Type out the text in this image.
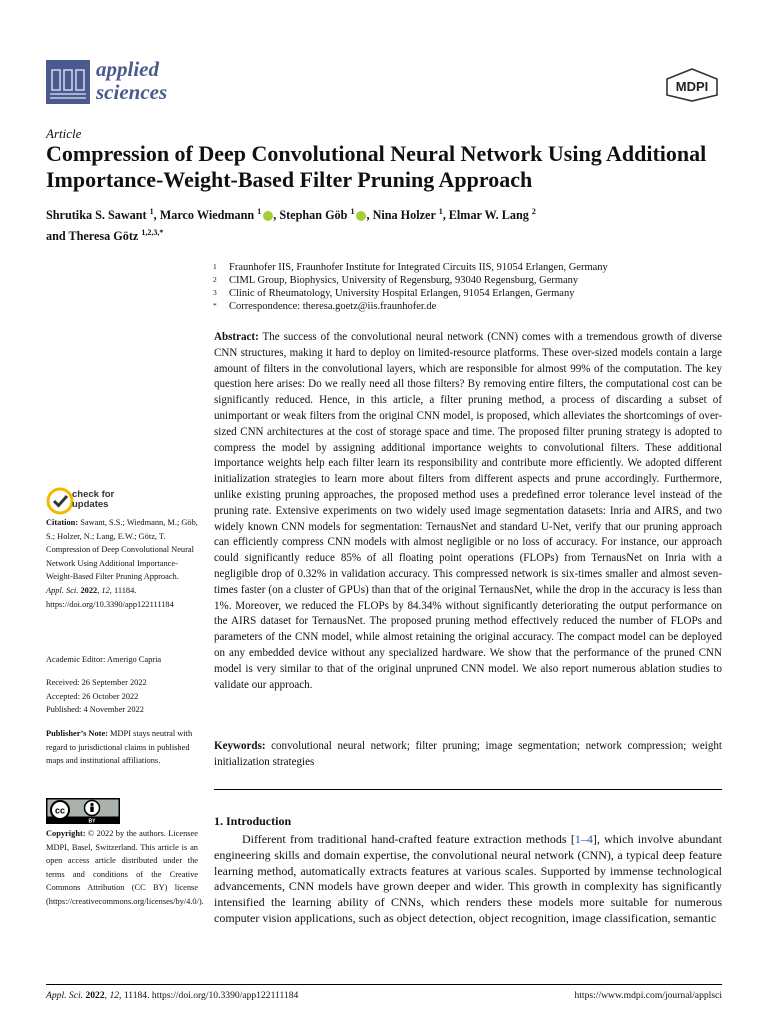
applied
sciences	MDPI
Article
Compression of Deep Convolutional Neural Network Using Additional Importance-Weight-Based Filter Pruning Approach
Shrutika S. Sawant $^1$, Marco Wiedmann $^1$ , Stephan Göb $^1$ , Nina Holzer $^1$, Elmar W. Lang $^2$
and Theresa Götz $^{1,2,3,*}$
1 Fraunhofer IIS, Fraunhofer Institute for Integrated Circuits IIS, 91054 Erlangen, Germany
2 CIML Group, Biophysics, University of Regensburg, 93040 Regensburg, Germany
3 Clinic of Rheumatology, University Hospital Erlangen, 91054 Erlangen, Germany
* Correspondence: theresa.goetz@iis.fraunhofer.de
Abstract: The success of the convolutional neural network (CNN) comes with a tremendous growth of diverse CNN structures, making it hard to deploy on limited-resource platforms. These over-sized models contain a large amount of filters in the convolutional layers, which are responsible for almost 99% of the computation. The key question here arises: Do we really need all those filters? By removing entire filters, the computational cost can be significantly reduced. Hence, in this article, a filter pruning method, a process of discarding a subset of unimportant or weak filters from the original CNN model, is proposed, which alleviates the shortcomings of over-sized CNN architectures at the cost of storage space and time. The proposed filter pruning strategy is adopted to compress the model by assigning additional importance weights to convolutional filters. These additional importance weights help each filter learn its responsibility and contribute more efficiently. We adopted different initialization strategies to learn more about filters from different aspects and prune accordingly. Furthermore, unlike existing pruning approaches, the proposed method uses a predefined error tolerance level instead of the pruning rate. Extensive experiments on two widely used image segmentation datasets: Inria and AIRS, and two widely known CNN models for segmentation: TernausNet and standard U-Net, verify that our pruning approach can efficiently compress CNN models with almost negligible or no loss of accuracy. For instance, our approach could significantly reduce 85% of all floating point operations (FLOPs) from TernausNet on Inria with a negligible drop of 0.32% in validation accuracy. This compressed network is six-times smaller and almost seven-times faster (on a cluster of GPUs) than that of the original TernausNet, while the drop in the accuracy is less than 1%. Moreover, we reduced the FLOPs by 84.34% without significantly deteriorating the output performance on the AIRS dataset for TernausNet. The proposed pruning method effectively reduced the number of FLOPs and parameters of the CNN model, while almost retaining the original accuracy. The compact model can be deployed on any embedded device without any specialized hardware. We show that the performance of the pruned CNN model is very similar to that of the original unpruned CNN model. We also report numerous ablation studies to validate our approach.
Keywords: convolutional neural network; filter pruning; image segmentation; network compression; weight initialization strategies
1. Introduction
Different from traditional hand-crafted feature extraction methods [1–4], which involve abundant engineering skills and domain expertise, the convolutional neural network (CNN), a typical deep feature learning method, automatically extracts features at various scales. Supported by immense technological advancements, CNN models have grown deeper and wider. This growth in complexity has significantly intensified the learning ability of CNNs, which renders these models more suitable for numerous computer vision applications, such as object detection, object recognition, image classification, semantic
check for
updates
Citation: Sawant, S.S.; Wiedmann, M.; Göb, S.; Holzer, N.; Lang, E.W.; Götz, T. Compression of Deep Convolutional Neural Network Using Additional Importance-Weight-Based Filter Pruning Approach. Appl. Sci. 2022, 12, 11184. https://doi.org/10.3390/app122111184
Academic Editor: Amerigo Capria
Received: 26 September 2022
Accepted: 26 October 2022
Published: 4 November 2022
Publisher’s Note: MDPI stays neutral with regard to jurisdictional claims in published maps and institutional affiliations.
cc
BY
Copyright: © 2022 by the authors. Licensee MDPI, Basel, Switzerland. This article is an open access article distributed under the terms and conditions of the Creative Commons Attribution (CC BY) license (https://creativecommons.org/licenses/by/4.0/).
Appl. Sci. 2022, 12, 11184. https://doi.org/10.3390/app122111184	https://www.mdpi.com/journal/applsci
